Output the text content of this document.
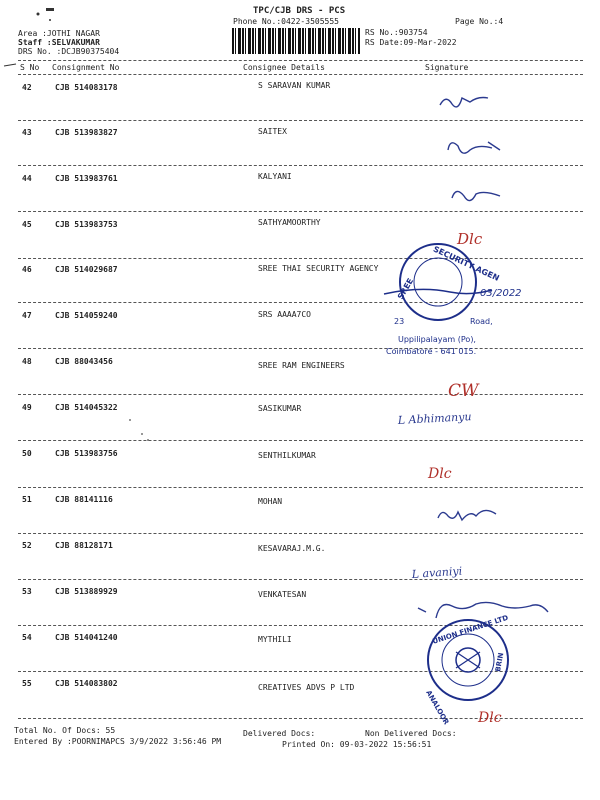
TPC/CJB DRS - PCS
Phone No.:0422-3505555	Page No.:4
Area :JOTHI NAGAR
Staff :SELVAKUMAR
DRS No. :DCJB90375404
RS No.:903754
RS Date:09-Mar-2022
S No Consignment No	Consignee Details	Signature
42	CJB 514083178	S SARAVAN KUMAR
43	CJB 513983827	SAITEX
44	CJB 513983761	KALYANI
45	CJB 513983753	SATHYAMOORTHY
46	CJB 514029687	SREE THAI SECURITY AGENCY
47	CJB 514059240	SRS AAAA7CO
48	CJB 88043456	SREE RAM ENGINEERS
49	CJB 514045322	SASIKUMAR
50	CJB 513983756	SENTHILKUMAR
51	CJB 88141116	MOHAN
52	CJB 88128171	KESAVARAJ.M.G.
53	CJB 513889929	VENKATESAN
54	CJB 514041240	MYTHILI
55	CJB 514083802	CREATIVES ADVS P LTD
Total No. Of Docs: 55	Delivered Docs:	Non Delivered Docs:
Entered By :POORNIMAPCS 3/9/2022 3:56:46 PM	Printed On: 09-03-2022 15:56:51
Dlc
CW
L Abhimanyu
Dlc
L avaniyi
Dlc
SECURITY AGEN
SREE	03/2022
23	Road,
Uppilipalayam (Po),
Coimbatore - 641 015.
UNION FINANCE LTD
ANALOOR
BRIN
